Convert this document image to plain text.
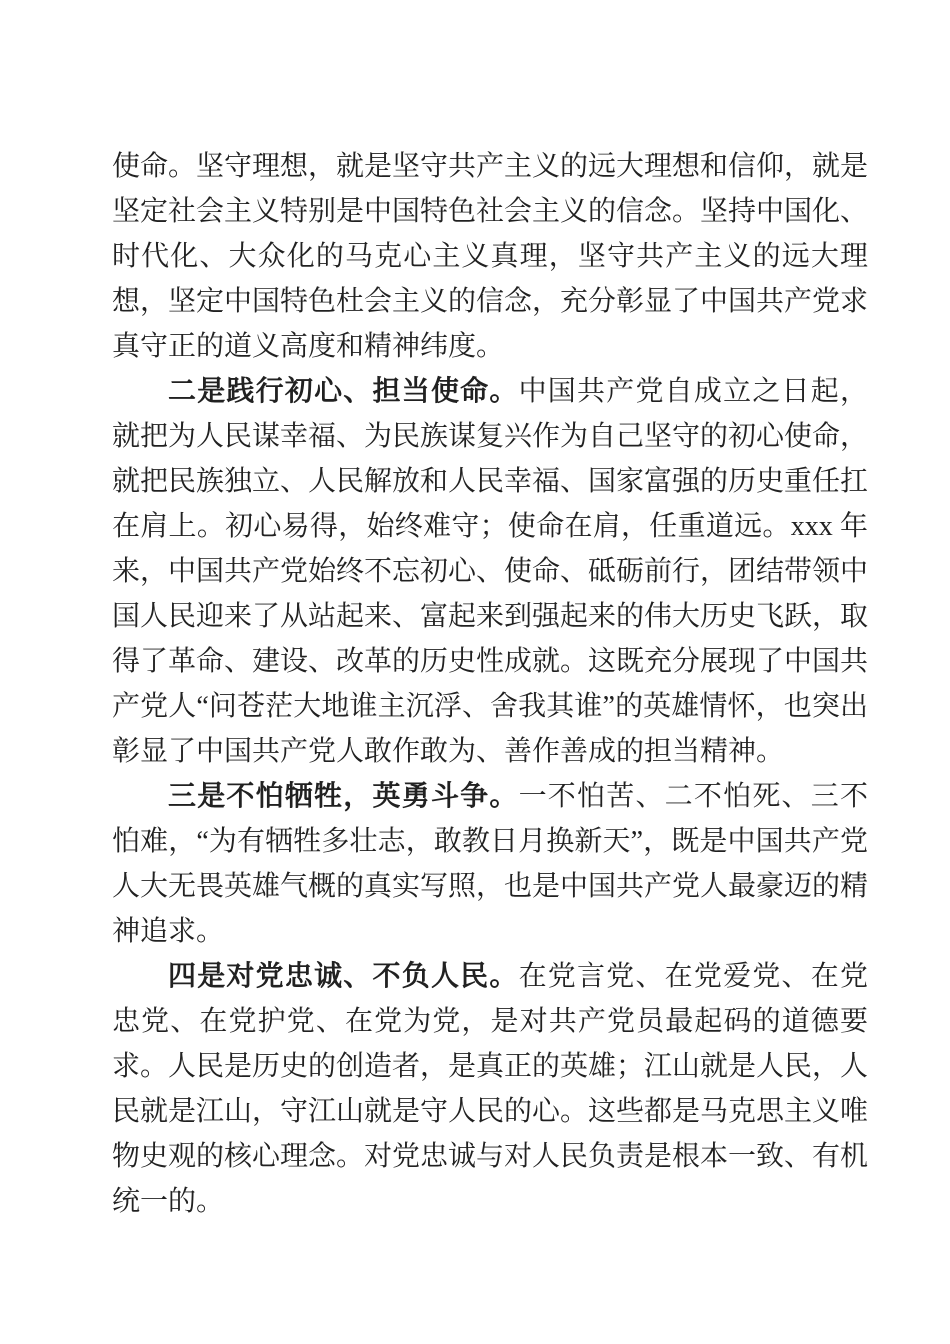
使命。坚守理想，就是坚守共产主义的远大理想和信仰，就是坚定社会主义特别是中国特色社会主义的信念。坚持中国化、时代化、大众化的马克心主义真理，坚守共产主义的远大理想，坚定中国特色杜会主义的信念，充分彰显了中国共产党求真守正的道义高度和精神纬度。

二是践行初心、担当使命。中国共产党自成立之日起，就把为人民谋幸福、为民族谋复兴作为自己坚守的初心使命，就把民族独立、人民解放和人民幸福、国家富强的历史重任扛在肩上。初心易得，始终难守；使命在肩，任重道远。xxx 年来，中国共产党始终不忘初心、使命、砥砺前行，团结带领中国人民迎来了从站起来、富起来到强起来的伟大历史飞跃，取得了革命、建设、改革的历史性成就。这既充分展现了中国共产党人“问苍茫大地谁主沉浮、舍我其谁”的英雄情怀，也突出彰显了中国共产党人敢作敢为、善作善成的担当精神。

三是不怕牺牲，英勇斗争。一不怕苦、二不怕死、三不怕难，“为有牺牲多壮志，敢教日月换新天”，既是中国共产党人大无畏英雄气概的真实写照，也是中国共产党人最豪迈的精神追求。

四是对党忠诚、不负人民。在党言党、在党爱党、在党忠党、在党护党、在党为党，是对共产党员最起码的道德要求。人民是历史的创造者，是真正的英雄；江山就是人民，人民就是江山，守江山就是守人民的心。这些都是马克思主义唯物史观的核心理念。对党忠诚与对人民负责是根本一致、有机统一的。
